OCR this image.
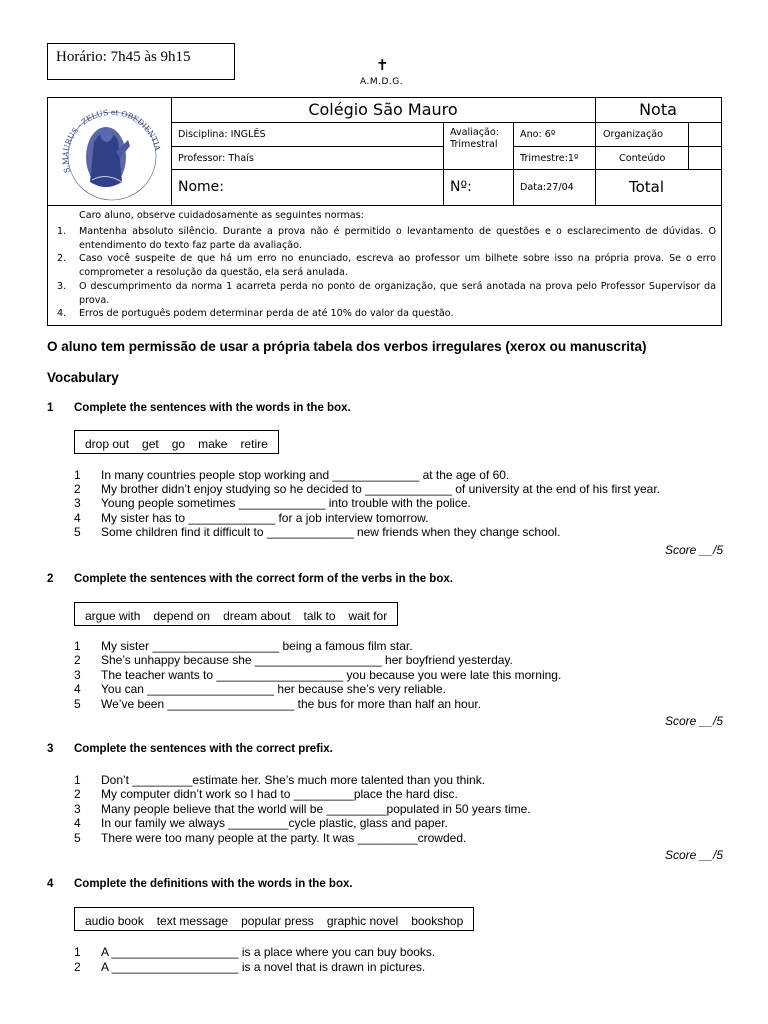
Horário: 7h45 às 9h15	✝
A.M.D.G.
S.MAURUS · ZELUS et OBEDIENTIA
Colégio São Mauro	Nota
Disciplina: INGLÊS	Avaliação: Trimestral
Ano: 6º	Organização
Professor: Thaís	Trimestre:1º	Conteúdo
Nome:	Nº:	Data:27/04	Total
Caro aluno, observe cuidadosamente as seguintes normas:
1. Mantenha absoluto silêncio. Durante a prova não é permitido o levantamento de questões e o esclarecimento de dúvidas. O entendimento do texto faz parte da avaliação.
2. Caso você suspeite de que há um erro no enunciado, escreva ao professor um bilhete sobre isso na própria prova. Se o erro comprometer a resolução da questão, ela será anulada.
3. O descumprimento da norma 1 acarreta perda no ponto de organização, que será anotada na prova pelo Professor Supervisor da prova.
4. Erros de português podem determinar perda de até 10% do valor da questão.
O aluno tem permissão de usar a própria tabela dos verbos irregulares (xerox ou manuscrita)
Vocabulary
1 Complete the sentences with the words in the box.
drop out get go make retire
1 In many countries people stop working and _____________ at the age of 60.
2 My brother didn’t enjoy studying so he decided to _____________ of university at the end of his first year.
3 Young people sometimes _____________ into trouble with the police.
4 My sister has to _____________ for a job interview tomorrow.
5 Some children find it difficult to _____________ new friends when they change school.
Score __/5
2 Complete the sentences with the correct form of the verbs in the box.
argue with depend on dream about talk to wait for
1 My sister ___________________ being a famous film star.
2 She’s unhappy because she ___________________ her boyfriend yesterday.
3 The teacher wants to ___________________ you because you were late this morning.
4 You can ___________________ her because she’s very reliable.
5 We’ve been ___________________ the bus for more than half an hour.
Score __/5
3 Complete the sentences with the correct prefix.
1 Don’t _________estimate her. She’s much more talented than you think.
2 My computer didn’t work so I had to _________place the hard disc.
3 Many people believe that the world will be _________populated in 50 years time.
4 In our family we always _________cycle plastic, glass and paper.
5 There were too many people at the party. It was _________crowded.
Score __/5
4 Complete the definitions with the words in the box.
audio book text message popular press graphic novel bookshop
1 A ___________________ is a place where you can buy books.
2 A ___________________ is a novel that is drawn in pictures.
